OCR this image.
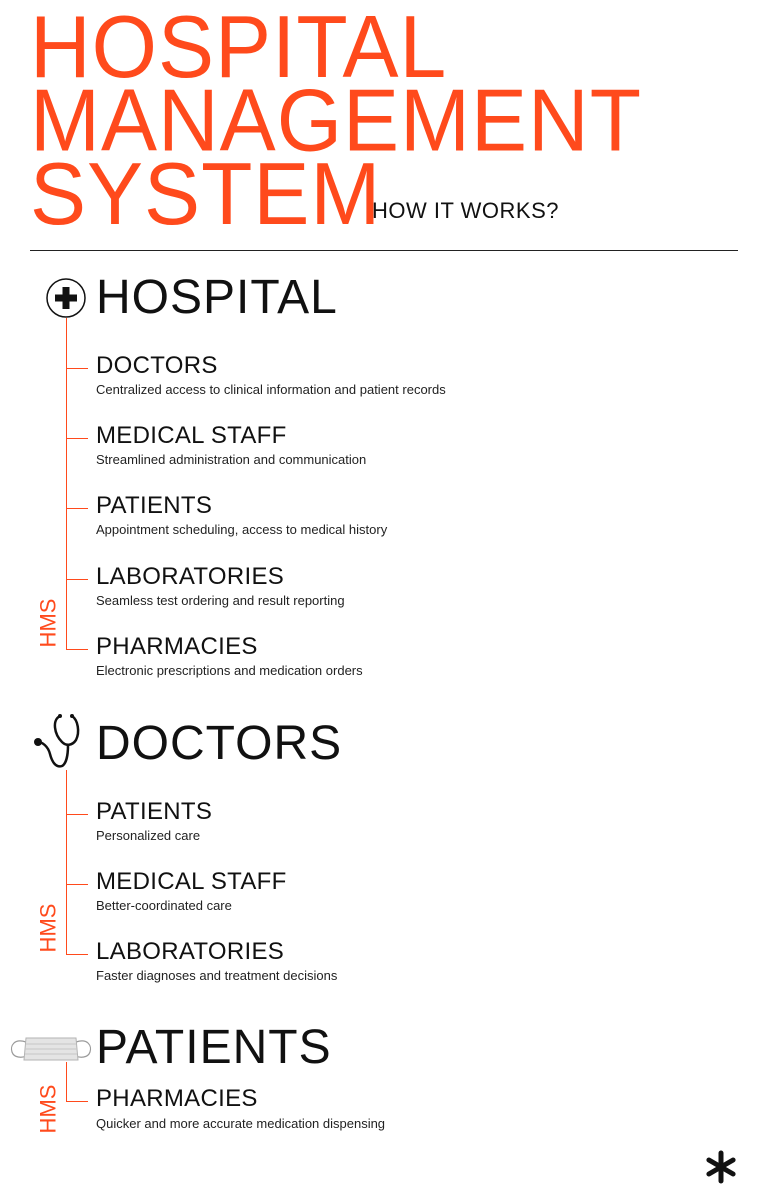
HOSPITAL
MANAGEMENT
SYSTEM
HOW IT WORKS?
HOSPITAL
HMS
DOCTORS
Centralized access to clinical information and patient records
MEDICAL STAFF
Streamlined administration and communication
PATIENTS
Appointment scheduling, access to medical history
LABORATORIES
Seamless test ordering and result reporting
PHARMACIES
Electronic prescriptions and medication orders
DOCTORS
HMS
PATIENTS
Personalized care
MEDICAL STAFF
Better-coordinated care
LABORATORIES
Faster diagnoses and treatment decisions
PATIENTS
HMS PHARMACIES
Quicker and more accurate medication dispensing
